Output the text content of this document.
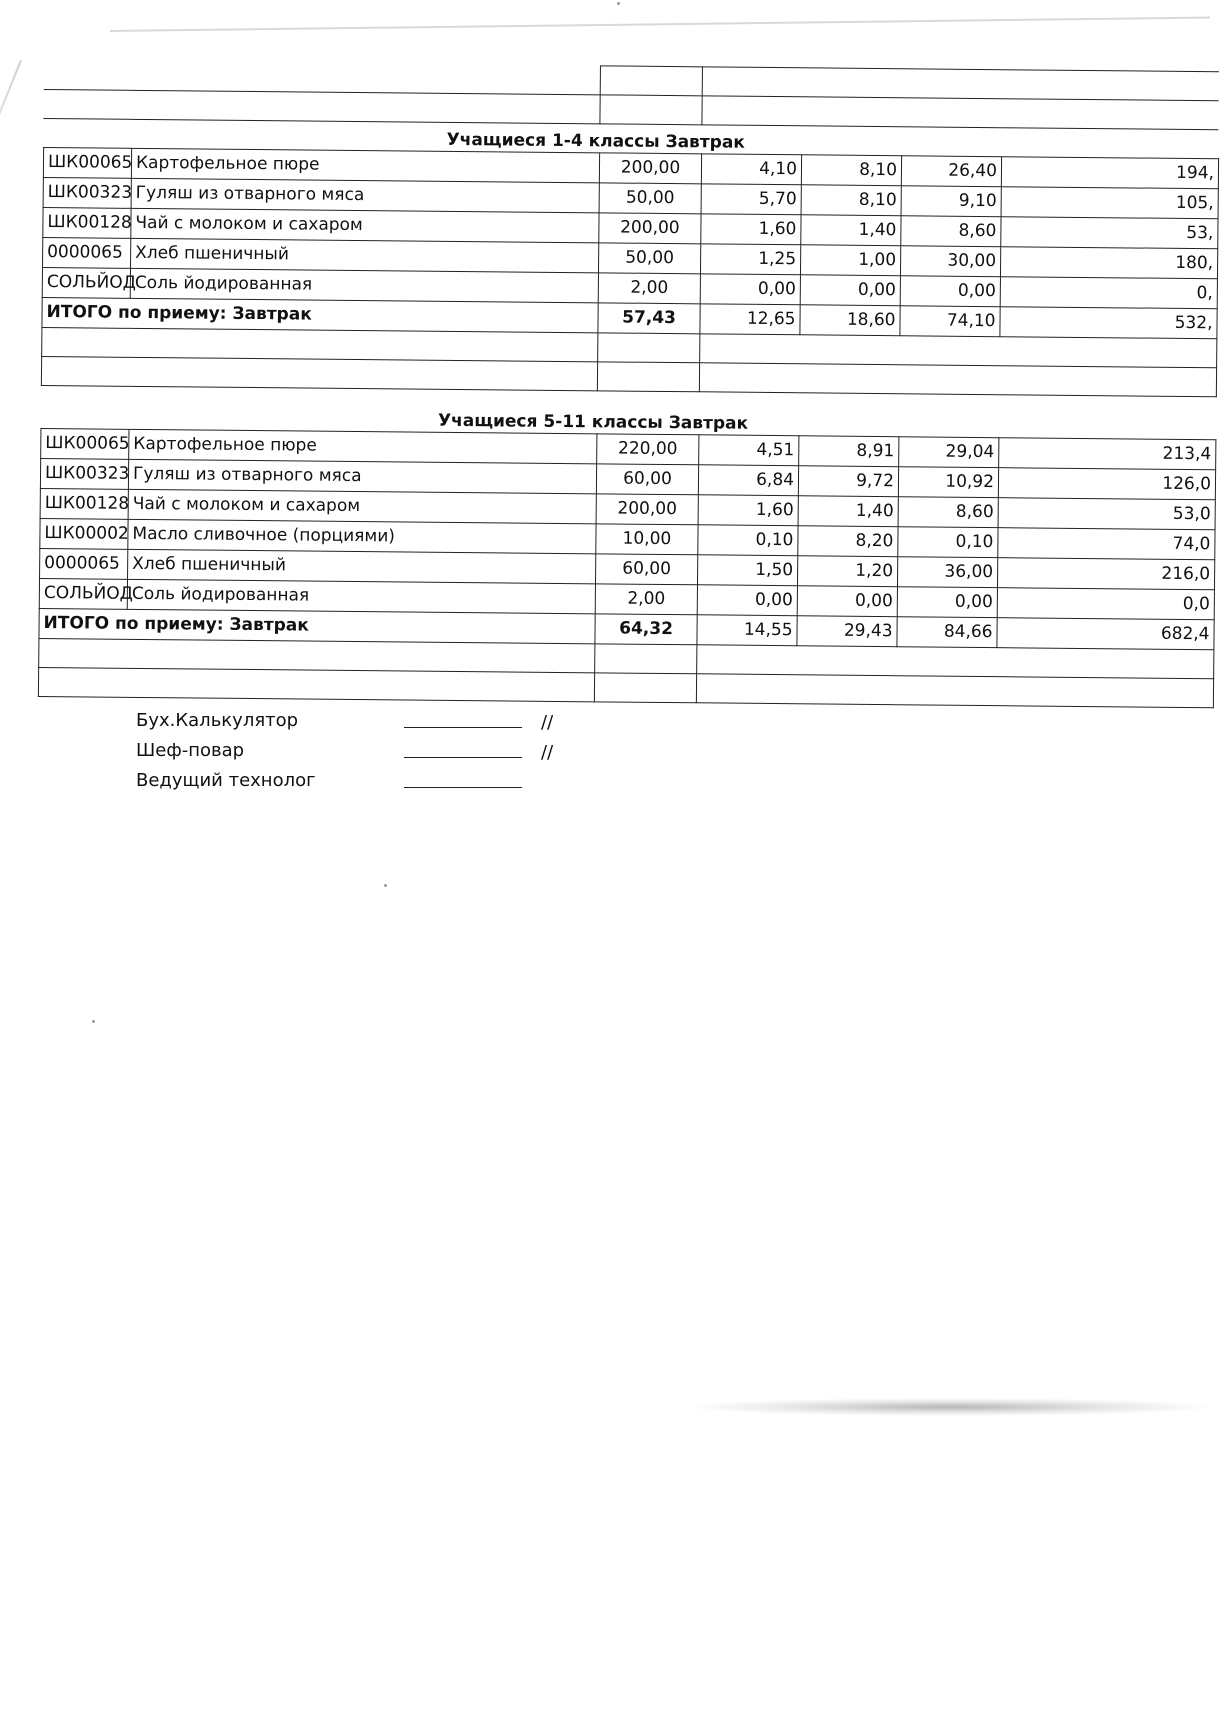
Учащиеся 1-4 классы Завтрак
ШК00065	Картофельное пюре	200,00	4,10	8,10	26,40	194,
ШК00323	Гуляш из отварного мяса	50,00	5,70	8,10	9,10	105,
ШК00128	Чай с молоком и сахаром	200,00	1,60	1,40	8,60	53,
0000065	Хлеб пшеничный	50,00	1,25	1,00	30,00	180,
СОЛЬЙОД	Соль йодированная	2,00	0,00	0,00	0,00	0,
ИТОГО по приему: Завтрак		57,43	12,65	18,60	74,10	532,

Учащиеся 5-11 классы Завтрак
ШК00065	Картофельное пюре	220,00	4,51	8,91	29,04	213,4
ШК00323	Гуляш из отварного мяса	60,00	6,84	9,72	10,92	126,0
ШК00128	Чай с молоком и сахаром	200,00	1,60	1,40	8,60	53,0
ШК00002	Масло сливочное (порциями)	10,00	0,10	8,20	0,10	74,0
0000065	Хлеб пшеничный	60,00	1,50	1,20	36,00	216,0
СОЛЬЙОД	Соль йодированная	2,00	0,00	0,00	0,00	0,0
ИТОГО по приему: Завтрак		64,32	14,55	29,43	84,66	682,4

Бух.Калькулятор	//
Шеф-повар	//
Ведущий технолог
